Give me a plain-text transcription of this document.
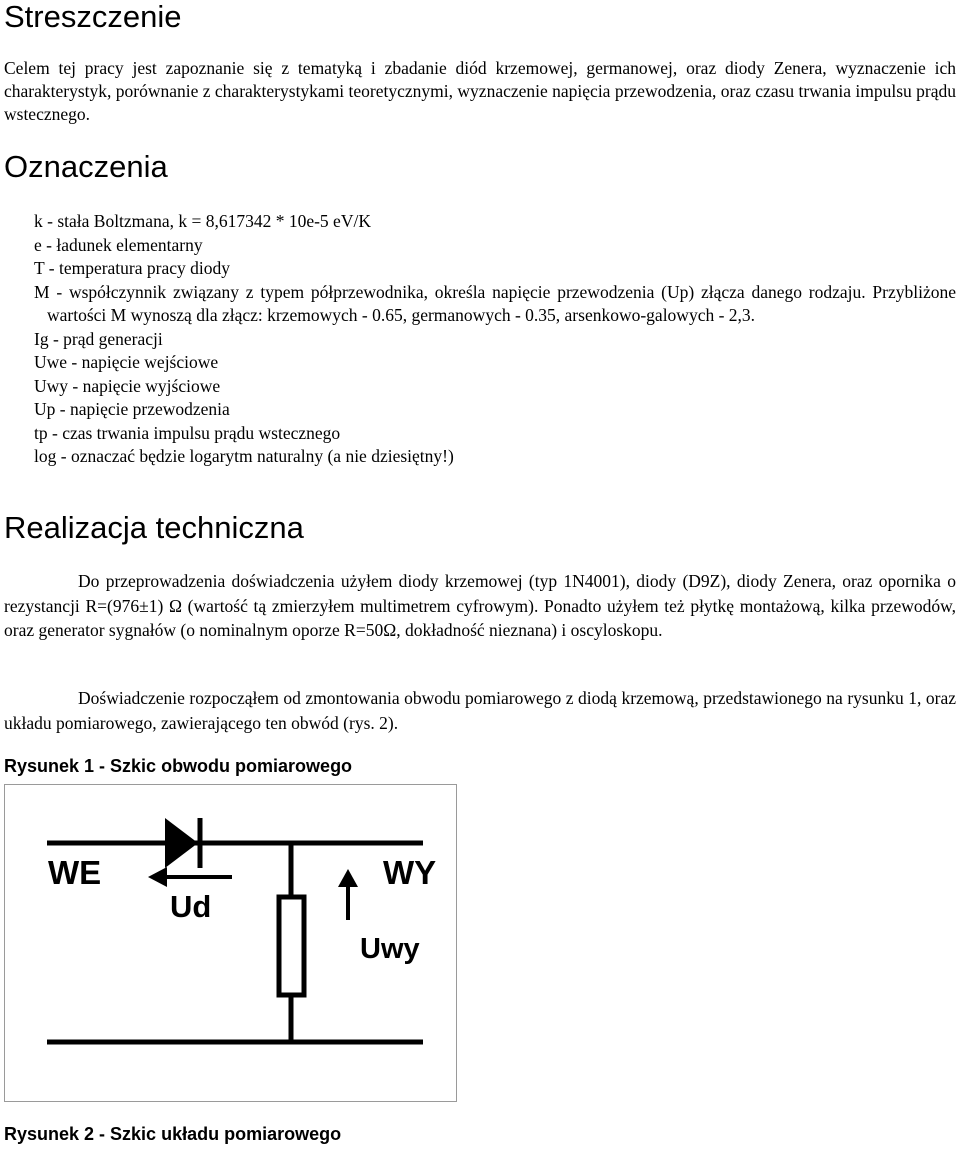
Streszczenie

Celem tej pracy jest zapoznanie się z tematyką i zbadanie diód krzemowej, germanowej, oraz diody Zenera, wyznaczenie ich charakterystyk, porównanie z charakterystykami teoretycznymi, wyznaczenie napięcia przewodzenia, oraz czasu trwania impulsu prądu wstecznego.

Oznaczenia

k - stała Boltzmana, k = 8,617342 * 10e-5 eV/K

e - ładunek elementarny

T - temperatura pracy diody

M - współczynnik związany z typem półprzewodnika, określa napięcie przewodzenia (Up) złącza danego rodzaju. Przybliżone wartości M wynoszą dla złącz: krzemowych - 0.65, germanowych - 0.35, arsenkowo-galowych - 2,3.

Ig - prąd generacji

Uwe - napięcie wejściowe

Uwy - napięcie wyjściowe

Up - napięcie przewodzenia

tp - czas trwania impulsu prądu wstecznego

log - oznaczać będzie logarytm naturalny (a nie dziesiętny!)

Realizacja techniczna

Do przeprowadzenia doświadczenia użyłem diody krzemowej (typ 1N4001), diody (D9Z), diody Zenera, oraz opornika o rezystancji R=(976±1) Ω (wartość tą zmierzyłem multimetrem cyfrowym). Ponadto użyłem też płytkę montażową, kilka przewodów, oraz generator sygnałów (o nominalnym oporze R=50Ω, dokładność nieznana) i oscyloskopu.

Doświadczenie rozpocząłem od zmontowania obwodu pomiarowego z diodą krzemową, przedstawionego na rysunku 1, oraz układu pomiarowego, zawierającego ten obwód (rys. 2).

Rysunek 1 - Szkic obwodu pomiarowego

WE	WY
Ud
Uwy

Rysunek 2 - Szkic układu pomiarowego
